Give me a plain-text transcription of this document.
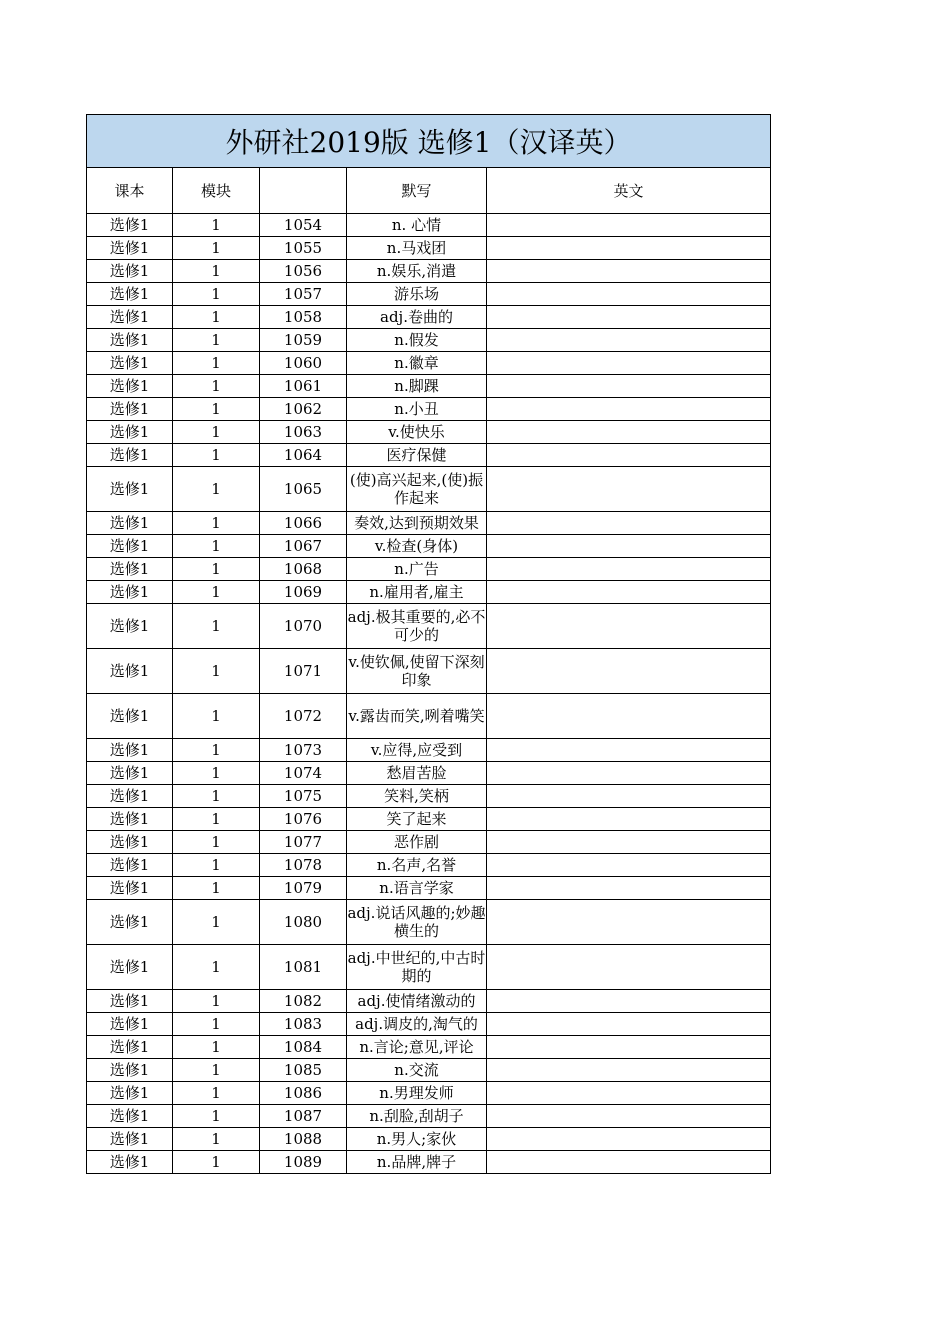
外研社2019版 选修1（汉译英）				
课本	模块		默写	英文
选修1	1	1054	n. 心情	
选修1	1	1055	n.马戏团	
选修1	1	1056	n.娱乐,消遣	
选修1	1	1057	游乐场	
选修1	1	1058	adj.卷曲的	
选修1	1	1059	n.假发	
选修1	1	1060	n.徽章	
选修1	1	1061	n.脚踝	
选修1	1	1062	n.小丑	
选修1	1	1063	v.使快乐	
选修1	1	1064	医疗保健	
选修1	1	1065	(使)高兴起来,(使)振作起来	
选修1	1	1066	奏效,达到预期效果	
选修1	1	1067	v.检查(身体)	
选修1	1	1068	n.广告	
选修1	1	1069	n.雇用者,雇主	
选修1	1	1070	adj.极其重要的,必不可少的	
选修1	1	1071	v.使钦佩,使留下深刻印象	
选修1	1	1072	v.露齿而笑,咧着嘴笑	
选修1	1	1073	v.应得,应受到	
选修1	1	1074	愁眉苦脸	
选修1	1	1075	笑料,笑柄	
选修1	1	1076	笑了起来	
选修1	1	1077	恶作剧	
选修1	1	1078	n.名声,名誉	
选修1	1	1079	n.语言学家	
选修1	1	1080	adj.说话风趣的;妙趣横生的	
选修1	1	1081	adj.中世纪的,中古时期的	
选修1	1	1082	adj.使情绪激动的	
选修1	1	1083	adj.调皮的,淘气的	
选修1	1	1084	n.言论;意见,评论	
选修1	1	1085	n.交流	
选修1	1	1086	n.男理发师	
选修1	1	1087	n.刮脸,刮胡子	
选修1	1	1088	n.男人;家伙	
选修1	1	1089	n.品牌,牌子	
